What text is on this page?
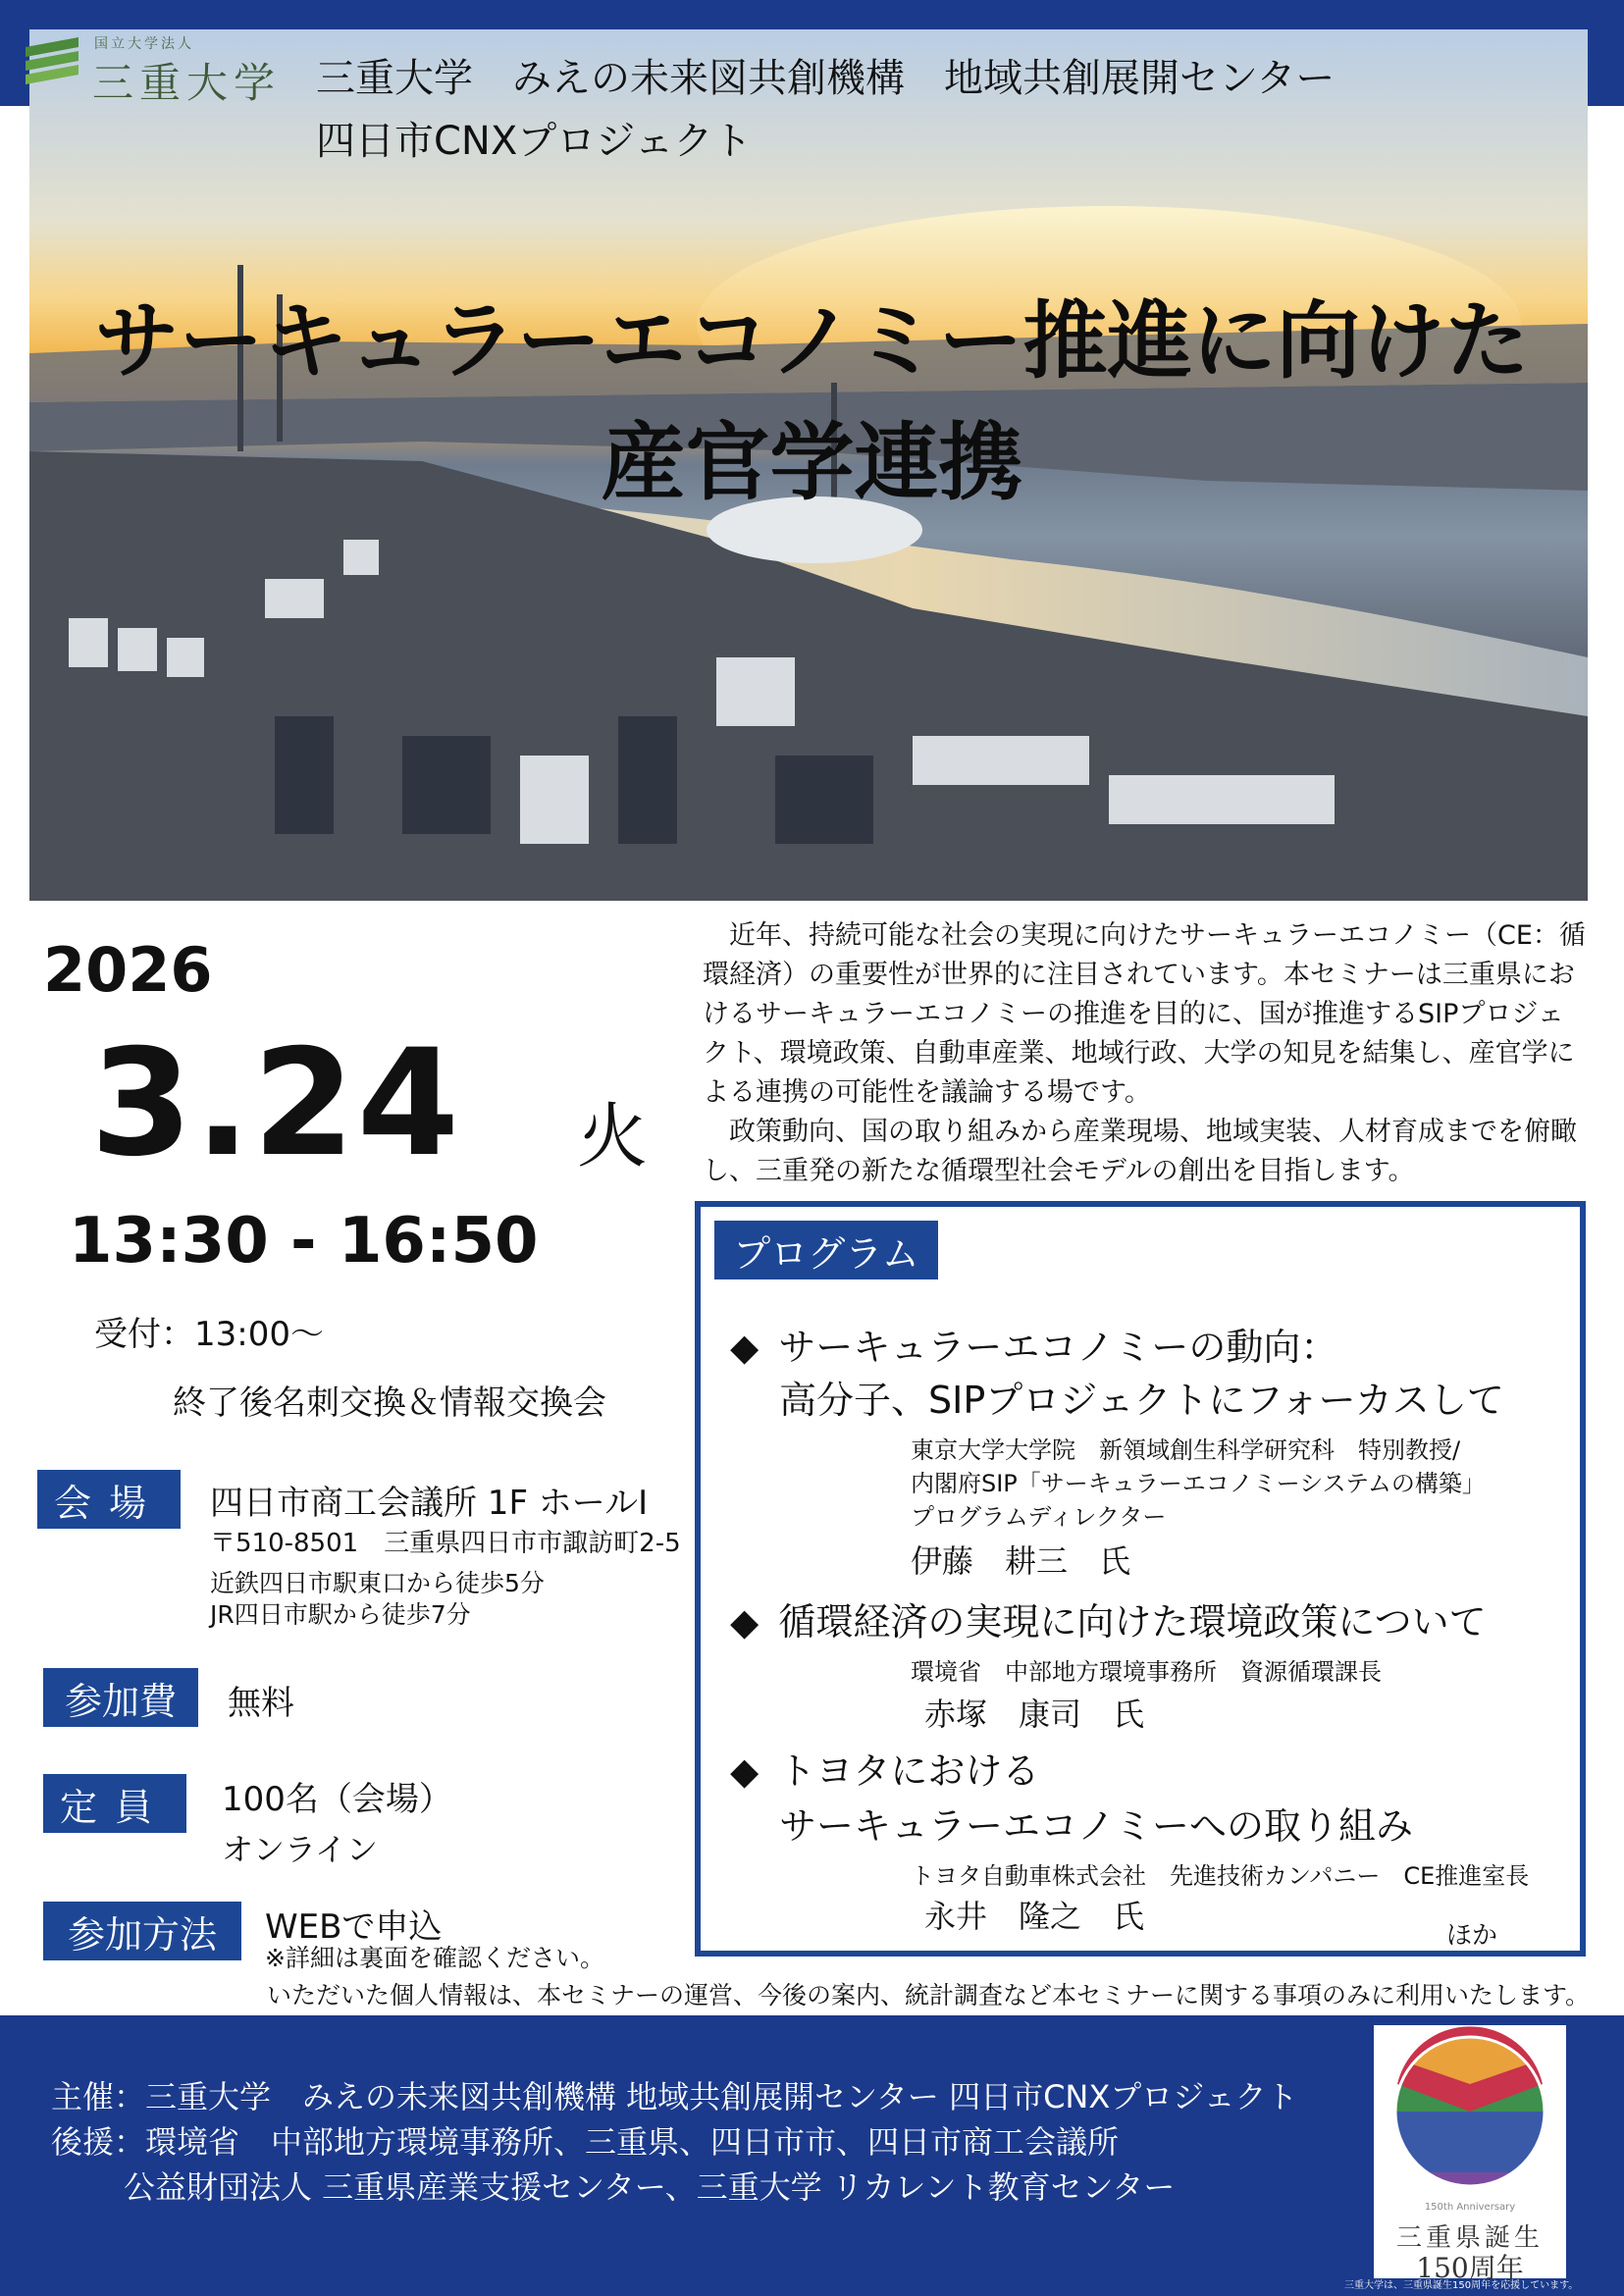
国立大学法人
三重大学 三重大学　みえの未来図共創機構　地域共創展開センター
四日市CNXプロジェクト
サーキュラーエコノミー推進に向けた
産官学連携
2026
3.24 火
13:30 - 16:50
受付：13:00～
終了後名刺交換＆情報交換会
会場	四日市商工会議所 1F ホールⅠ
〒510-8501　三重県四日市市諏訪町2-5
近鉄四日市駅東口から徒歩5分
JR四日市駅から徒歩7分
参加費	無料
定員	100名（会場）
オンライン
参加方法	WEBで申込
※詳細は裏面を確認ください。
いただいた個人情報は、本セミナーの運営、今後の案内、統計調査など本セミナーに関する事項のみに利用いたします。

近年、持続可能な社会の実現に向けたサーキュラーエコノミー（CE：循環経済）の重要性が世界的に注目されています。本セミナーは三重県におけるサーキュラーエコノミーの推進を目的に、国が推進するSIPプロジェクト、環境政策、自動車産業、地域行政、大学の知見を結集し、産官学による連携の可能性を議論する場です。

政策動向、国の取り組みから産業現場、地域実装、人材育成までを俯瞰し、三重発の新たな循環型社会モデルの創出を目指します。

プログラム
◆ サーキュラーエコノミーの動向：
高分子、SIPプロジェクトにフォーカスして
東京大学大学院　新領域創生科学研究科　特別教授/
内閣府SIP「サーキュラーエコノミーシステムの構築」
プログラムディレクター
伊藤　耕三　氏
◆ 循環経済の実現に向けた環境政策について
環境省　中部地方環境事務所　資源循環課長
赤塚　康司　氏
◆ トヨタにおける
サーキュラーエコノミーへの取り組み
トヨタ自動車株式会社　先進技術カンパニー　CE推進室長
永井　隆之　氏
ほか
主催：三重大学　みえの未来図共創機構 地域共創展開センター 四日市CNXプロジェクト
後援：環境省　中部地方環境事務所、三重県、四日市市、四日市商工会議所
公益財団法人 三重県産業支援センター、三重大学 リカレント教育センター
150th Anniversary
三重県誕生
150周年
三重大学は、三重県誕生150周年を応援しています。
